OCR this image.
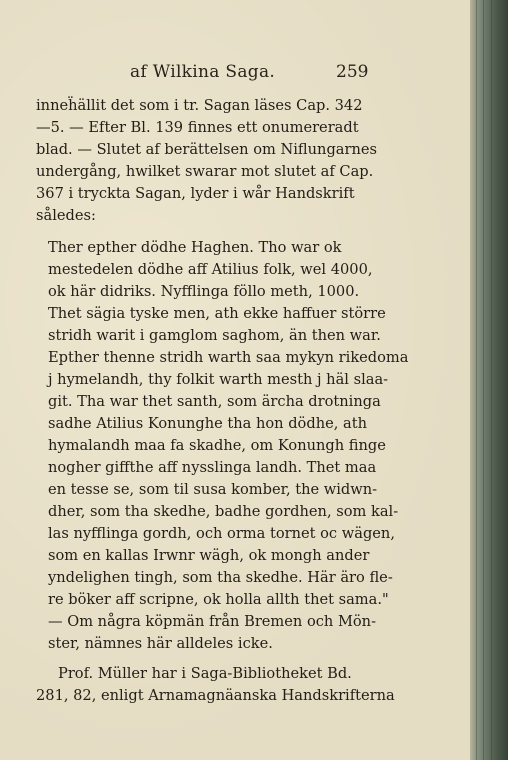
af Wilkina Saga.	259
inneḧällit det som i tr. Sagan läses Cap. 342
—5. — Efter Bl. 139 finnes ett onumereradt
blad. — Slutet af berättelsen om Niflungarnes
undergång, hwilket swarar mot slutet af Cap.
367 i tryckta Sagan, lyder i wår Handskrift
således:
Ther epther dödhe Haghen. Tho war ok
mestedelen dödhe aff Atilius folk, wel 4000,
ok här didriks. Nyfflinga föllo meth, 1000.
Thet sägia tyske men, ath ekke haffuer större
stridh warit i gamglom saghom, än then war.
Epther thenne stridh warth saa mykyn rikedoma
j hymelandh, thy folkit warth mesth j häl slaa-
git. Tha war thet santh, som ärcha drotninga
sadhe Atilius Konunghe tha hon dödhe, ath
hymalandh maa fa skadhe, om Konungh finge
nogher giffthe aff nysslinga landh. Thet maa
en tesse se, som til susa komber, the widwn-
dher, som tha skedhe, badhe gordhen, som kal-
las nyfflinga gordh, och orma tornet oc wägen,
som en kallas Irwnr wägh, ok mongh ander
yndelighen tingh, som tha skedhe. Här äro fle-
re böker aff scripne, ok holla allth thet sama."
— Om några köpmän från Bremen och Mön-
ster, nämnes här alldeles icke.
Prof. Müller har i Saga-Bibliotheket Bd.
281, 82, enligt Arnamagnäanska Handskrifterna
